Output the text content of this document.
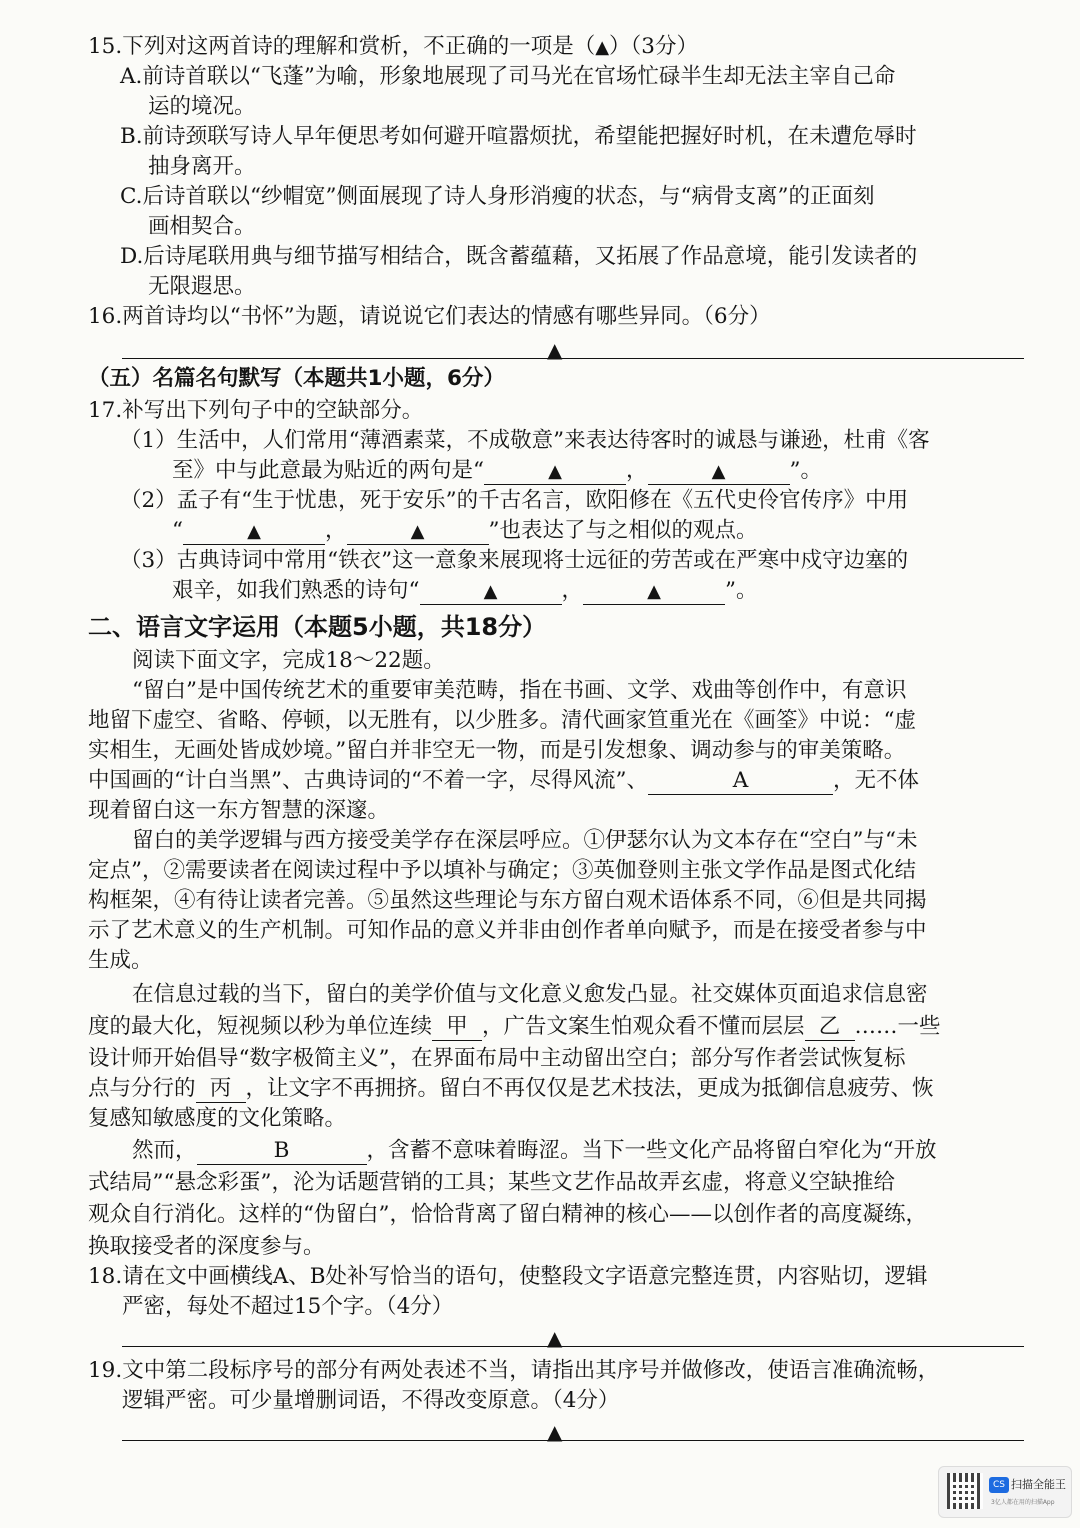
15.下列对这两首诗的理解和赏析，不正确的一项是（▲）（3分）
A.前诗首联以“飞蓬”为喻，形象地展现了司马光在官场忙碌半生却无法主宰自己命
运的境况。
B.前诗颈联写诗人早年便思考如何避开喧嚣烦扰，希望能把握好时机，在未遭危辱时
抽身离开。
C.后诗首联以“纱帽宽”侧面展现了诗人身形消瘦的状态，与“病骨支离”的正面刻
画相契合。
D.后诗尾联用典与细节描写相结合，既含蓄蕴藉，又拓展了作品意境，能引发读者的
无限遐思。
16.两首诗均以“书怀”为题，请说说它们表达的情感有哪些异同。（6分）
▲
（五）名篇名句默写（本题共1小题，6分）
17.补写出下列句子中的空缺部分。
（1）生活中，人们常用“薄酒素菜，不成敬意”来表达待客时的诚恳与谦逊，杜甫《客
至》中与此意最为贴近的两句是“	▲	，	▲	”。
（2）孟子有“生于忧患，死于安乐”的千古名言，欧阳修在《五代史伶官传序》中用
“	▲	，	▲	”也表达了与之相似的观点。
（3）古典诗词中常用“铁衣”这一意象来展现将士远征的劳苦或在严寒中戍守边塞的
艰辛，如我们熟悉的诗句“	▲	，	▲	”。
二、语言文字运用（本题5小题，共18分）
阅读下面文字，完成18～22题。
“留白”是中国传统艺术的重要审美范畴，指在书画、文学、戏曲等创作中，有意识
地留下虚空、省略、停顿，以无胜有，以少胜多。清代画家笪重光在《画筌》中说：“虚
实相生，无画处皆成妙境。”留白并非空无一物，而是引发想象、调动参与的审美策略。
中国画的“计白当黑”、古典诗词的“不着一字，尽得风流”、	A	，无不体
现着留白这一东方智慧的深邃。
留白的美学逻辑与西方接受美学存在深层呼应。①伊瑟尔认为文本存在“空白”与“未
定点”，②需要读者在阅读过程中予以填补与确定；③英伽登则主张文学作品是图式化结
构框架，④有待让读者完善。⑤虽然这些理论与东方留白观术语体系不同，⑥但是共同揭
示了艺术意义的生产机制。可知作品的意义并非由创作者单向赋予，而是在接受者参与中
生成。
在信息过载的当下，留白的美学价值与文化意义愈发凸显。社交媒体页面追求信息密
度的最大化，短视频以秒为单位连续 甲 ，广告文案生怕观众看不懂而层层 乙 ……一些
设计师开始倡导“数字极简主义”，在界面布局中主动留出空白；部分写作者尝试恢复标
点与分行的 丙 ，让文字不再拥挤。留白不再仅仅是艺术技法，更成为抵御信息疲劳、恢
复感知敏感度的文化策略。
然而，	B	，含蓄不意味着晦涩。当下一些文化产品将留白窄化为“开放
式结局”“悬念彩蛋”，沦为话题营销的工具；某些文艺作品故弄玄虚，将意义空缺推给
观众自行消化。这样的“伪留白”，恰恰背离了留白精神的核心——以创作者的高度凝练，
换取接受者的深度参与。
18.请在文中画横线A、B处补写恰当的语句，使整段文字语意完整连贯，内容贴切，逻辑
严密，每处不超过15个字。（4分）
▲
19.文中第二段标序号的部分有两处表述不当，请指出其序号并做修改，使语言准确流畅，
逻辑严密。可少量增删词语，不得改变原意。（4分）
▲
CS 扫描全能王
3亿人都在用的扫描App
